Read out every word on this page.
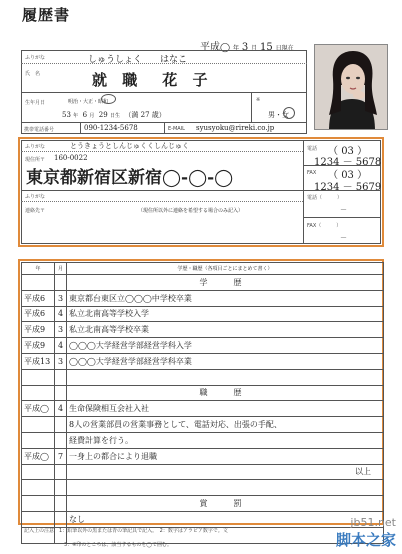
履歴書
平成◯ 年 3 月 15 日現在
ふりがな	しゅうしょく　　はなこ
氏　名	就 職　花 子
生年月日	明治・大正・昭和
53 年 6 月 29 日生 （満 27 歳）
※
男・女
携帯電話番号	090-1234-5678	E-MAIL syusyoku@rireki.co.jp
ふりがな	とうきょうとしんじゅくくしんじゅく
現住所〒 160-0022
東京都新宿区新宿◯-◯-◯
電話 （ 03 ）
1234 － 5678
FAX （ 03 ）
1234 － 5679
ふりがな
連絡先〒	（現住所以外に連絡を希望する場合のみ記入）
電話（　　　）
－
FAX（　　　）
－
年	月	学歴・職歴（各項目ごとにまとめて書く）
		学　歴
平成6	3	東京都台東区立◯◯◯中学校卒業
平成6	4	私立北南高等学校入学
平成9	3	私立北南高等学校卒業
平成9	4	◯◯◯大学経営学部経営学科入学
平成13	3	◯◯◯大学経営学部経営学科卒業

		職　歴
平成◯	4	生命保険相互会社入社
		8人の営業部員の営業事務として、電話対応、出張の手配、
		経費計算を行う。
平成◯	7	一身上の都合により退職
		以上

		賞　罰
		なし

記入上の注意　1：鉛筆以外の黒または青の筆記具で記入。　2：数字はアラビア数字で。文
3：※印のところは、該当するものを◯で囲む。
jb51.net
脚本之家
